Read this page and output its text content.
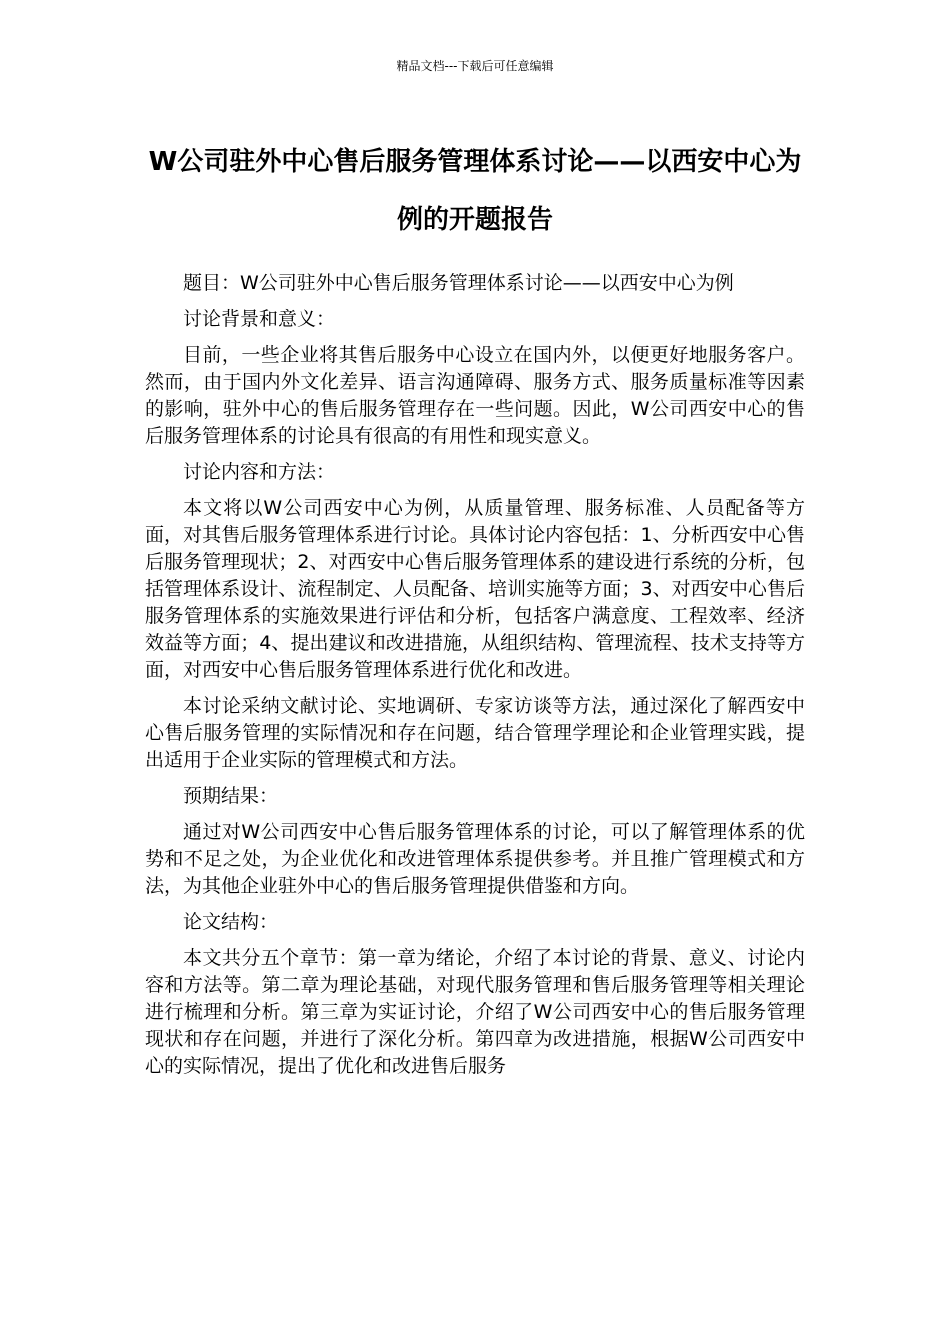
精品文档---下载后可任意编辑
W公司驻外中心售后服务管理体系讨论——以西安中心为例的开题报告

题目：W公司驻外中心售后服务管理体系讨论——以西安中心为例

讨论背景和意义：

目前，一些企业将其售后服务中心设立在国内外，以便更好地服务客户。然而，由于国内外文化差异、语言沟通障碍、服务方式、服务质量标准等因素的影响，驻外中心的售后服务管理存在一些问题。因此，W公司西安中心的售后服务管理体系的讨论具有很高的有用性和现实意义。

讨论内容和方法：

本文将以W公司西安中心为例，从质量管理、服务标准、人员配备等方面，对其售后服务管理体系进行讨论。具体讨论内容包括：1、分析西安中心售后服务管理现状；2、对西安中心售后服务管理体系的建设进行系统的分析，包括管理体系设计、流程制定、人员配备、培训实施等方面；3、对西安中心售后服务管理体系的实施效果进行评估和分析，包括客户满意度、工程效率、经济效益等方面；4、提出建议和改进措施，从组织结构、管理流程、技术支持等方面，对西安中心售后服务管理体系进行优化和改进。

本讨论采纳文献讨论、实地调研、专家访谈等方法，通过深化了解西安中心售后服务管理的实际情况和存在问题，结合管理学理论和企业管理实践，提出适用于企业实际的管理模式和方法。

预期结果：

通过对W公司西安中心售后服务管理体系的讨论，可以了解管理体系的优势和不足之处，为企业优化和改进管理体系提供参考。并且推广管理模式和方法，为其他企业驻外中心的售后服务管理提供借鉴和方向。

论文结构：

本文共分五个章节：第一章为绪论，介绍了本讨论的背景、意义、讨论内容和方法等。第二章为理论基础，对现代服务管理和售后服务管理等相关理论进行梳理和分析。第三章为实证讨论，介绍了W公司西安中心的售后服务管理现状和存在问题，并进行了深化分析。第四章为改进措施，根据W公司西安中心的实际情况，提出了优化和改进售后服务
